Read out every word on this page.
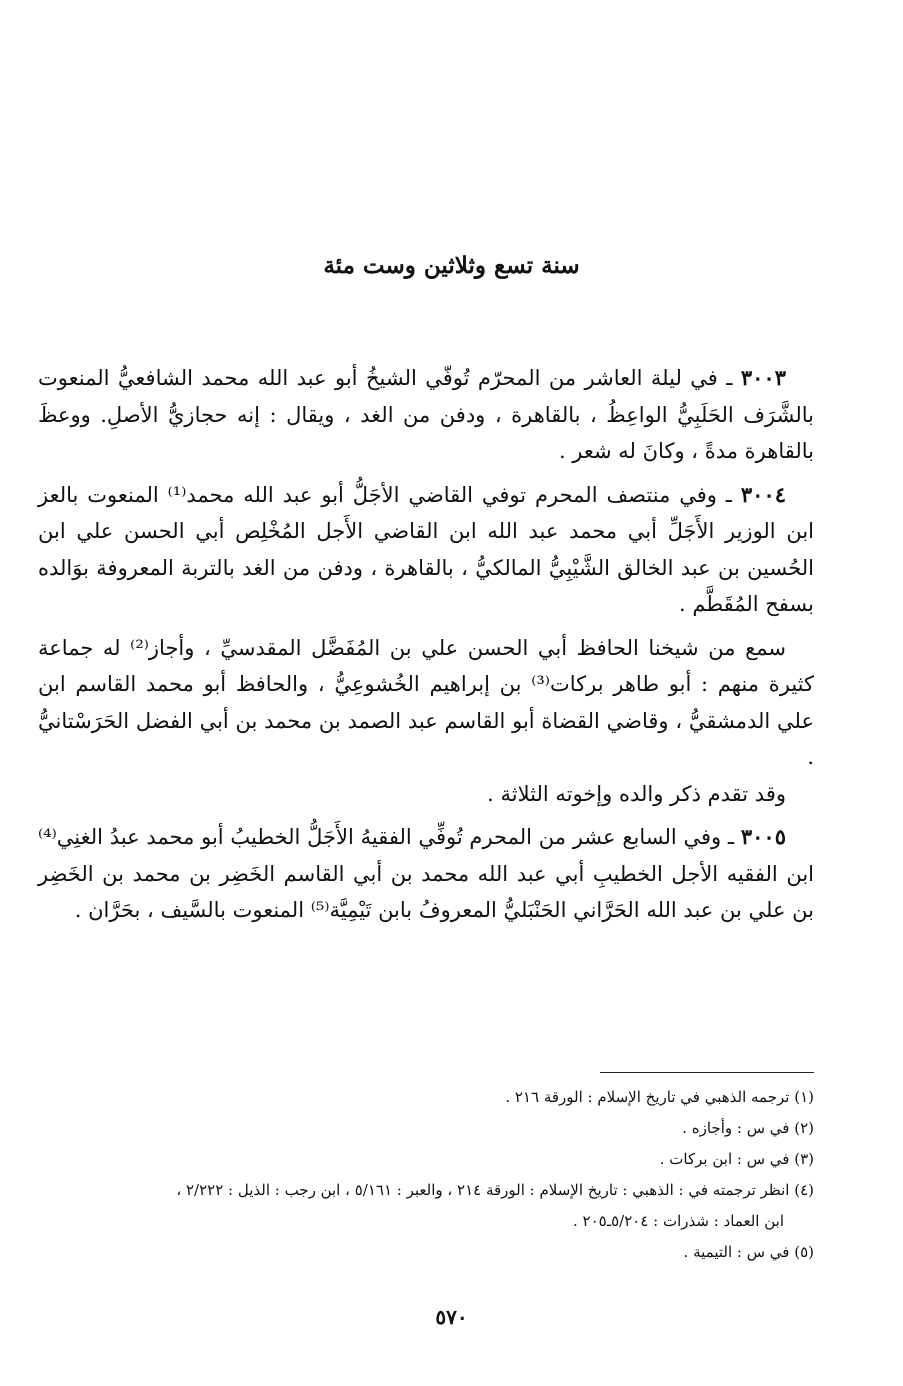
سنة تسع وثلاثين وست مئة

٣٠٠٣ ـ في ليلة العاشر من المحرّم تُوفّي الشيخُ أبو عبد الله محمد الشافعيُّ المنعوت بالشَّرَف الحَلَبِيُّ الواعِظُ ، بالقاهرة ، ودفن من الغد ، ويقال : إنه حجازيُّ الأصلِ. ووعظَ بالقاهرة مدةً ، وكانَ له شعر .

٣٠٠٤ ـ وفي منتصف المحرم توفي القاضي الأجَلُّ أبو عبد الله محمد⁽¹⁾ المنعوت بالعز ابن الوزير الأَجَلِّ أبي محمد عبد الله ابن القاضي الأَجل المُخْلِص أبي الحسن علي ابن الحُسين بن عبد الخالق الشَّيْبِيُّ المالكيُّ ، بالقاهرة ، ودفن من الغد بالتربة المعروفة بوَالده بسفح المُقَطَّم .

سمع من شيخنا الحافظ أبي الحسن علي بن المُفَضَّل المقدسيِّ ، وأجاز⁽²⁾ له جماعة كثيرة منهم : أبو طاهر بركات⁽³⁾ بن إبراهيم الخُشوعِيُّ ، والحافظ أبو محمد القاسم ابن علي الدمشقيُّ ، وقاضي القضاة أبو القاسم عبد الصمد بن محمد بن أبي الفضل الحَرَسْتانيُّ .

وقد تقدم ذكر والده وإخوته الثلاثة .

٣٠٠٥ ـ وفي السابع عشر من المحرم تُوفِّي الفقيهُ الأَجَلُّ الخطيبُ أبو محمد عبدُ الغنِي⁽⁴⁾ ابن الفقيه الأجل الخطيبِ أبي عبد الله محمد بن أبي القاسم الخَضِر بن محمد بن الخَضِر بن علي بن عبد الله الحَرَّاني الحَنْبَليُّ المعروفُ بابن تَيْمِيَّة⁽⁵⁾ المنعوت بالسَّيف ، بحَرَّان .

(١) ترجمه الذهبي في تاريخ الإسلام : الورقة ٢١٦ .

(٢) في س : وأجازه .

(٣) في س : ابن بركات .

(٤) انظر ترجمته في : الذهبي : تاريخ الإسلام : الورقة ٢١٤ ، والعبر : ٥/١٦١ ، ابن رجب : الذيل : ٢/٢٢٢ ،

ابن العماد : شذرات : ٥/٢٠٤ـ٢٠٥ .

(٥) في س : التيمية .

٥٧٠
